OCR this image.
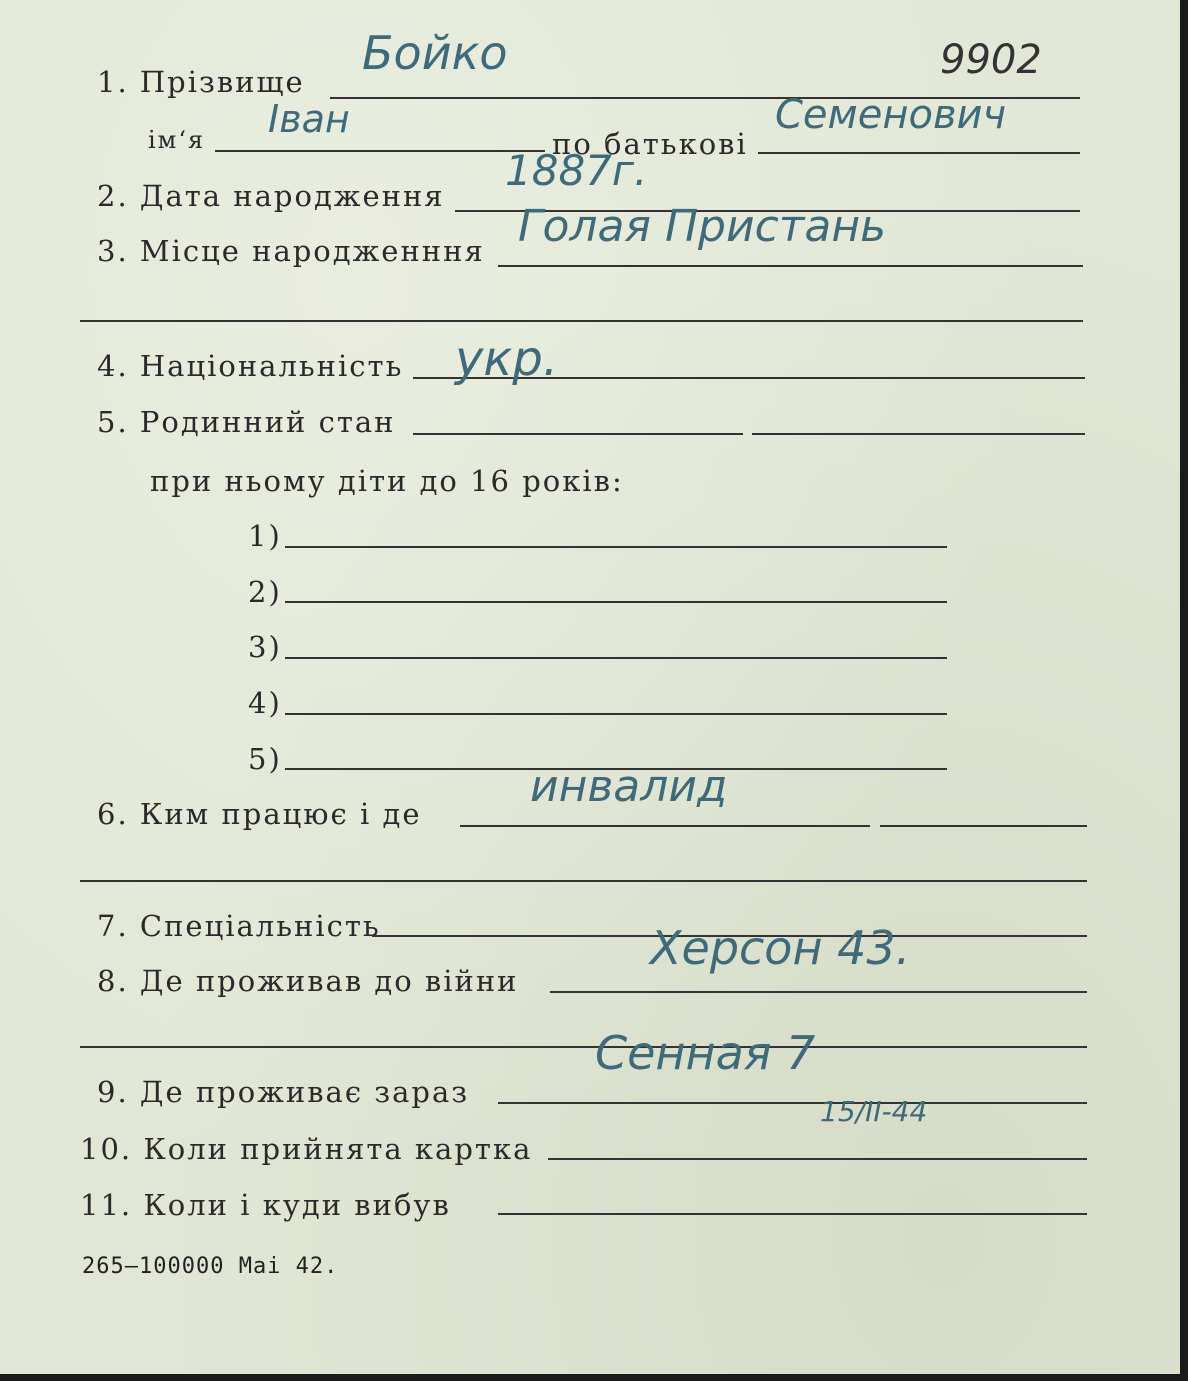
1. Прізвище
Бойко	9902
ім‘я Іван
по батькові
Семенович
2. Дата народження
1887г.
3. Місце народженння Голая Пристань
4. Національність укр.
5. Родинний стан
при ньому діти до 16 років:
1)
2)
3)
4)
5)
6. Ким працює і де
инвалид
7. Спеціальність
8. Де проживав до війни
Херсон 43.
9. Де проживає зараз
Сенная 7
10. Коли прийнята картка
15/II-44
11. Коли і куди вибув
265—100000 Маі 42.
